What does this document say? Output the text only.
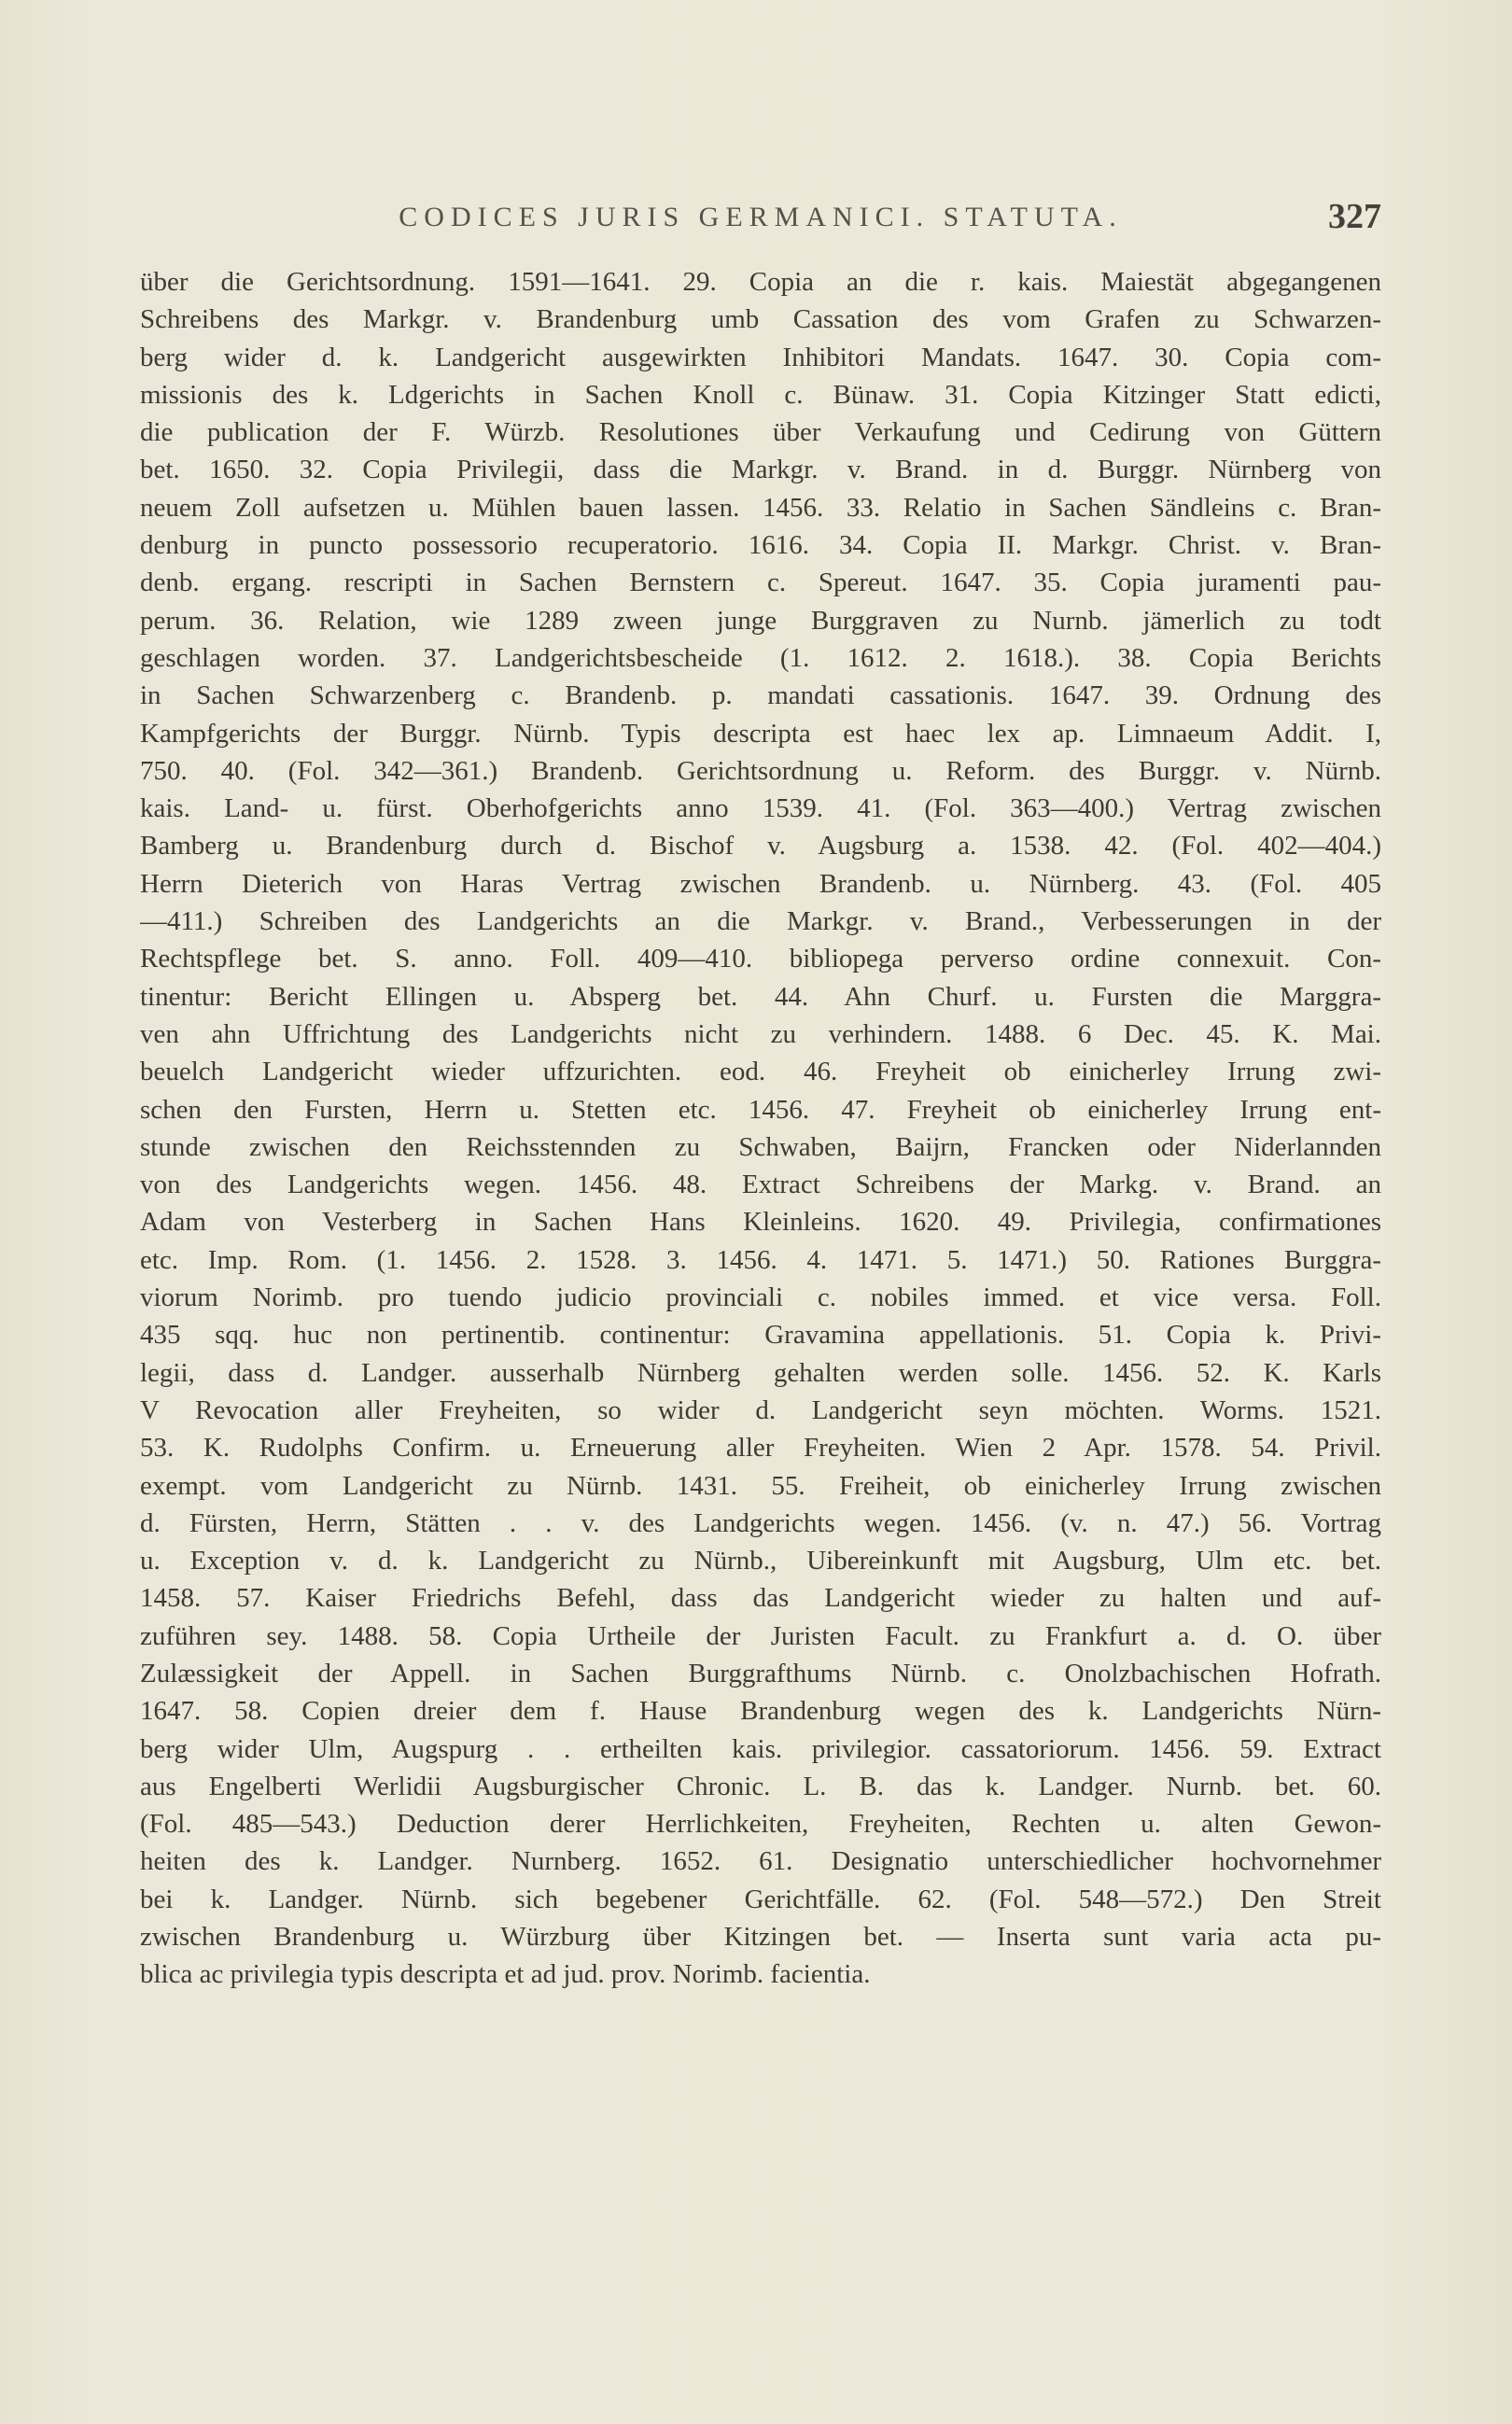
CODICES JURIS GERMANICI. STATUTA.	327
über die Gerichtsordnung. 1591—1641. 29. Copia an die r. kais. Maiestät abgegangenen
Schreibens des Markgr. v. Brandenburg umb Cassation des vom Grafen zu Schwarzen-
berg wider d. k. Landgericht ausgewirkten Inhibitori Mandats. 1647. 30. Copia com-
missionis des k. Ldgerichts in Sachen Knoll c. Bünaw. 31. Copia Kitzinger Statt edicti,
die publication der F. Würzb. Resolutiones über Verkaufung und Cedirung von Güttern
bet. 1650. 32. Copia Privilegii, dass die Markgr. v. Brand. in d. Burggr. Nürnberg von
neuem Zoll aufsetzen u. Mühlen bauen lassen. 1456. 33. Relatio in Sachen Sändleins c. Bran-
denburg in puncto possessorio recuperatorio. 1616. 34. Copia II. Markgr. Christ. v. Bran-
denb. ergang. rescripti in Sachen Bernstern c. Spereut. 1647. 35. Copia juramenti pau-
perum. 36. Relation, wie 1289 zween junge Burggraven zu Nurnb. jämerlich zu todt
geschlagen worden. 37. Landgerichtsbescheide (1. 1612. 2. 1618.). 38. Copia Berichts
in Sachen Schwarzenberg c. Brandenb. p. mandati cassationis. 1647. 39. Ordnung des
Kampfgerichts der Burggr. Nürnb. Typis descripta est haec lex ap. Limnaeum Addit. I,
750. 40. (Fol. 342—361.) Brandenb. Gerichtsordnung u. Reform. des Burggr. v. Nürnb.
kais. Land- u. fürst. Oberhofgerichts anno 1539. 41. (Fol. 363—400.) Vertrag zwischen
Bamberg u. Brandenburg durch d. Bischof v. Augsburg a. 1538. 42. (Fol. 402—404.)
Herrn Dieterich von Haras Vertrag zwischen Brandenb. u. Nürnberg. 43. (Fol. 405
—411.) Schreiben des Landgerichts an die Markgr. v. Brand., Verbesserungen in der
Rechtspflege bet. S. anno. Foll. 409—410. bibliopega perverso ordine connexuit. Con-
tinentur: Bericht Ellingen u. Absperg bet. 44. Ahn Churf. u. Fursten die Marggra-
ven ahn Uffrichtung des Landgerichts nicht zu verhindern. 1488. 6 Dec. 45. K. Mai.
beuelch Landgericht wieder uffzurichten. eod. 46. Freyheit ob einicherley Irrung zwi-
schen den Fursten, Herrn u. Stetten etc. 1456. 47. Freyheit ob einicherley Irrung ent-
stunde zwischen den Reichsstennden zu Schwaben, Baijrn, Francken oder Niderlannden
von des Landgerichts wegen. 1456. 48. Extract Schreibens der Markg. v. Brand. an
Adam von Vesterberg in Sachen Hans Kleinleins. 1620. 49. Privilegia, confirmationes
etc. Imp. Rom. (1. 1456. 2. 1528. 3. 1456. 4. 1471. 5. 1471.) 50. Rationes Burggra-
viorum Norimb. pro tuendo judicio provinciali c. nobiles immed. et vice versa. Foll.
435 sqq. huc non pertinentib. continentur: Gravamina appellationis. 51. Copia k. Privi-
legii, dass d. Landger. ausserhalb Nürnberg gehalten werden solle. 1456. 52. K. Karls
V Revocation aller Freyheiten, so wider d. Landgericht seyn möchten. Worms. 1521.
53. K. Rudolphs Confirm. u. Erneuerung aller Freyheiten. Wien 2 Apr. 1578. 54. Privil.
exempt. vom Landgericht zu Nürnb. 1431. 55. Freiheit, ob einicherley Irrung zwischen
d. Fürsten, Herrn, Stätten . . v. des Landgerichts wegen. 1456. (v. n. 47.) 56. Vortrag
u. Exception v. d. k. Landgericht zu Nürnb., Uibereinkunft mit Augsburg, Ulm etc. bet.
1458. 57. Kaiser Friedrichs Befehl, dass das Landgericht wieder zu halten und auf-
zuführen sey. 1488. 58. Copia Urtheile der Juristen Facult. zu Frankfurt a. d. O. über
Zulæssigkeit der Appell. in Sachen Burggrafthums Nürnb. c. Onolzbachischen Hofrath.
1647. 58. Copien dreier dem f. Hause Brandenburg wegen des k. Landgerichts Nürn-
berg wider Ulm, Augspurg . . ertheilten kais. privilegior. cassatoriorum. 1456. 59. Extract
aus Engelberti Werlidii Augsburgischer Chronic. L. B. das k. Landger. Nurnb. bet. 60.
(Fol. 485—543.) Deduction derer Herrlichkeiten, Freyheiten, Rechten u. alten Gewon-
heiten des k. Landger. Nurnberg. 1652. 61. Designatio unterschiedlicher hochvornehmer
bei k. Landger. Nürnb. sich begebener Gerichtfälle. 62. (Fol. 548—572.) Den Streit
zwischen Brandenburg u. Würzburg über Kitzingen bet. — Inserta sunt varia acta pu-
blica ac privilegia typis descripta et ad jud. prov. Norimb. facientia.
